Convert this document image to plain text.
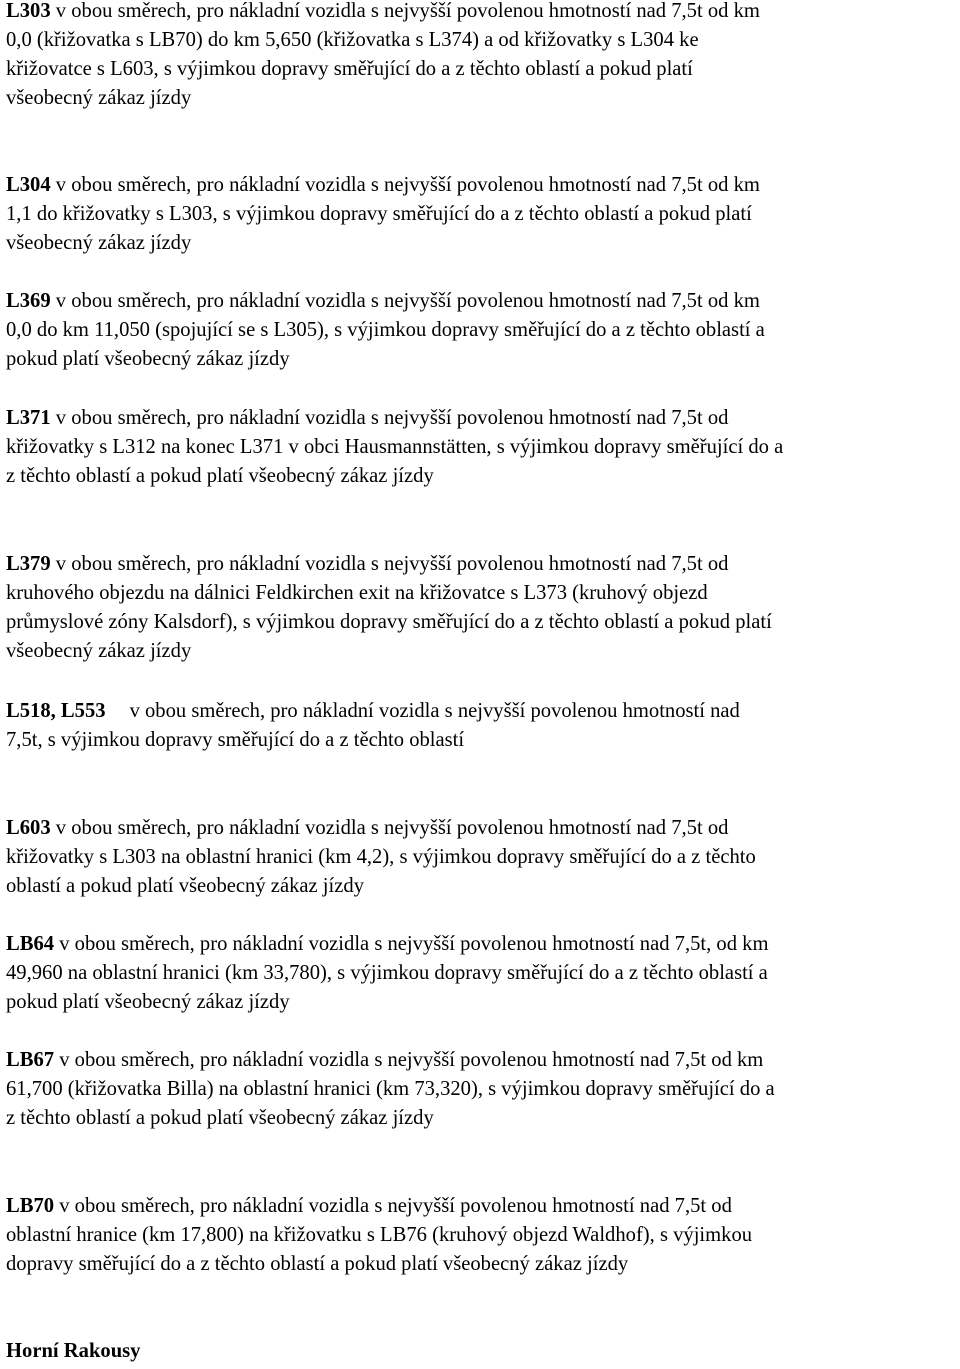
L303 v obou směrech, pro nákladní vozidla s nejvyšší povolenou hmotností nad 7,5t od km
0,0 (křižovatka s LB70) do km 5,650 (křižovatka s L374) a od křižovatky s L304 ke
křižovatce s L603, s výjimkou dopravy směřující do a z těchto oblastí a pokud platí
všeobecný zákaz jízdy
L304 v obou směrech, pro nákladní vozidla s nejvyšší povolenou hmotností nad 7,5t od km
1,1 do křižovatky s L303, s výjimkou dopravy směřující do a z těchto oblastí a pokud platí
všeobecný zákaz jízdy
L369 v obou směrech, pro nákladní vozidla s nejvyšší povolenou hmotností nad 7,5t od km
0,0 do km 11,050 (spojující se s L305), s výjimkou dopravy směřující do a z těchto oblastí a
pokud platí všeobecný zákaz jízdy
L371 v obou směrech, pro nákladní vozidla s nejvyšší povolenou hmotností nad 7,5t od
křižovatky s L312 na konec L371 v obci Hausmannstätten, s výjimkou dopravy směřující do a
z těchto oblastí a pokud platí všeobecný zákaz jízdy
L379 v obou směrech, pro nákladní vozidla s nejvyšší povolenou hmotností nad 7,5t od
kruhového objezdu na dálnici Feldkirchen exit na křižovatce s L373 (kruhový objezd
průmyslové zóny Kalsdorf), s výjimkou dopravy směřující do a z těchto oblastí a pokud platí
všeobecný zákaz jízdy
L518, L553 v obou směrech, pro nákladní vozidla s nejvyšší povolenou hmotností nad
7,5t, s výjimkou dopravy směřující do a z těchto oblastí
L603 v obou směrech, pro nákladní vozidla s nejvyšší povolenou hmotností nad 7,5t od
křižovatky s L303 na oblastní hranici (km 4,2), s výjimkou dopravy směřující do a z těchto
oblastí a pokud platí všeobecný zákaz jízdy
LB64 v obou směrech, pro nákladní vozidla s nejvyšší povolenou hmotností nad 7,5t, od km
49,960 na oblastní hranici (km 33,780), s výjimkou dopravy směřující do a z těchto oblastí a
pokud platí všeobecný zákaz jízdy
LB67 v obou směrech, pro nákladní vozidla s nejvyšší povolenou hmotností nad 7,5t od km
61,700 (křižovatka Billa) na oblastní hranici (km 73,320), s výjimkou dopravy směřující do a
z těchto oblastí a pokud platí všeobecný zákaz jízdy
LB70 v obou směrech, pro nákladní vozidla s nejvyšší povolenou hmotností nad 7,5t od
oblastní hranice (km 17,800) na křižovatku s LB76 (kruhový objezd Waldhof), s výjimkou
dopravy směřující do a z těchto oblastí a pokud platí všeobecný zákaz jízdy
Horní Rakousy
